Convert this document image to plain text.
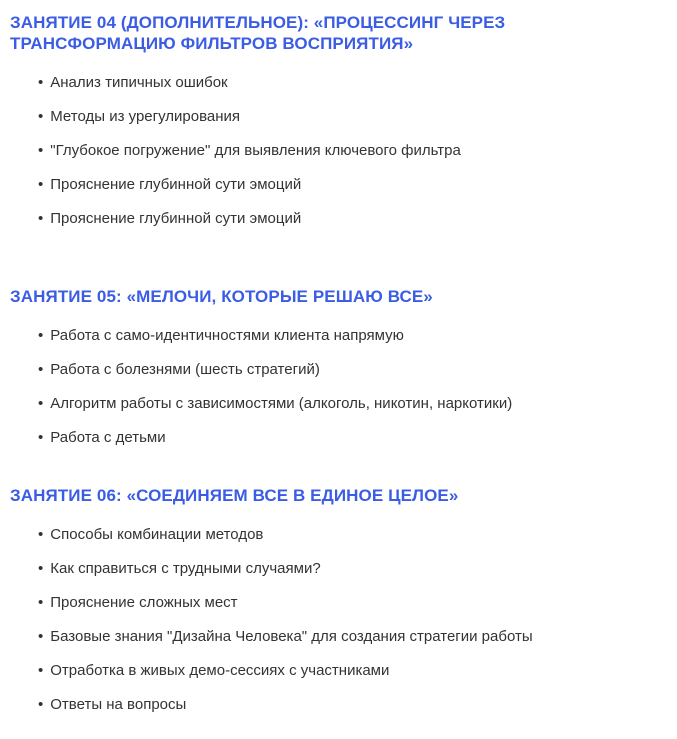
ЗАНЯТИЕ 04 (ДОПОЛНИТЕЛЬНОЕ): «ПРОЦЕССИНГ ЧЕРЕЗ ТРАНСФОРМАЦИЮ ФИЛЬТРОВ ВОСПРИЯТИЯ»
• Анализ типичных ошибок
• Методы из урегулирования
• "Глубокое погружение" для выявления ключевого фильтра
• Прояснение глубинной сути эмоций
• Прояснение глубинной сути эмоций
ЗАНЯТИЕ 05: «МЕЛОЧИ, КОТОРЫЕ РЕШАЮ ВСЕ»
• Работа с само-идентичностями клиента напрямую
• Работа с болезнями (шесть стратегий)
• Алгоритм работы с зависимостями (алкоголь, никотин, наркотики)
• Работа с детьми
ЗАНЯТИЕ 06: «СОЕДИНЯЕМ ВСЕ В ЕДИНОЕ ЦЕЛОЕ»
• Способы комбинации методов
• Как справиться с трудными случаями?
• Прояснение сложных мест
• Базовые знания "Дизайна Человека" для создания стратегии работы
• Отработка в живых демо-сессиях с участниками
• Ответы на вопросы
